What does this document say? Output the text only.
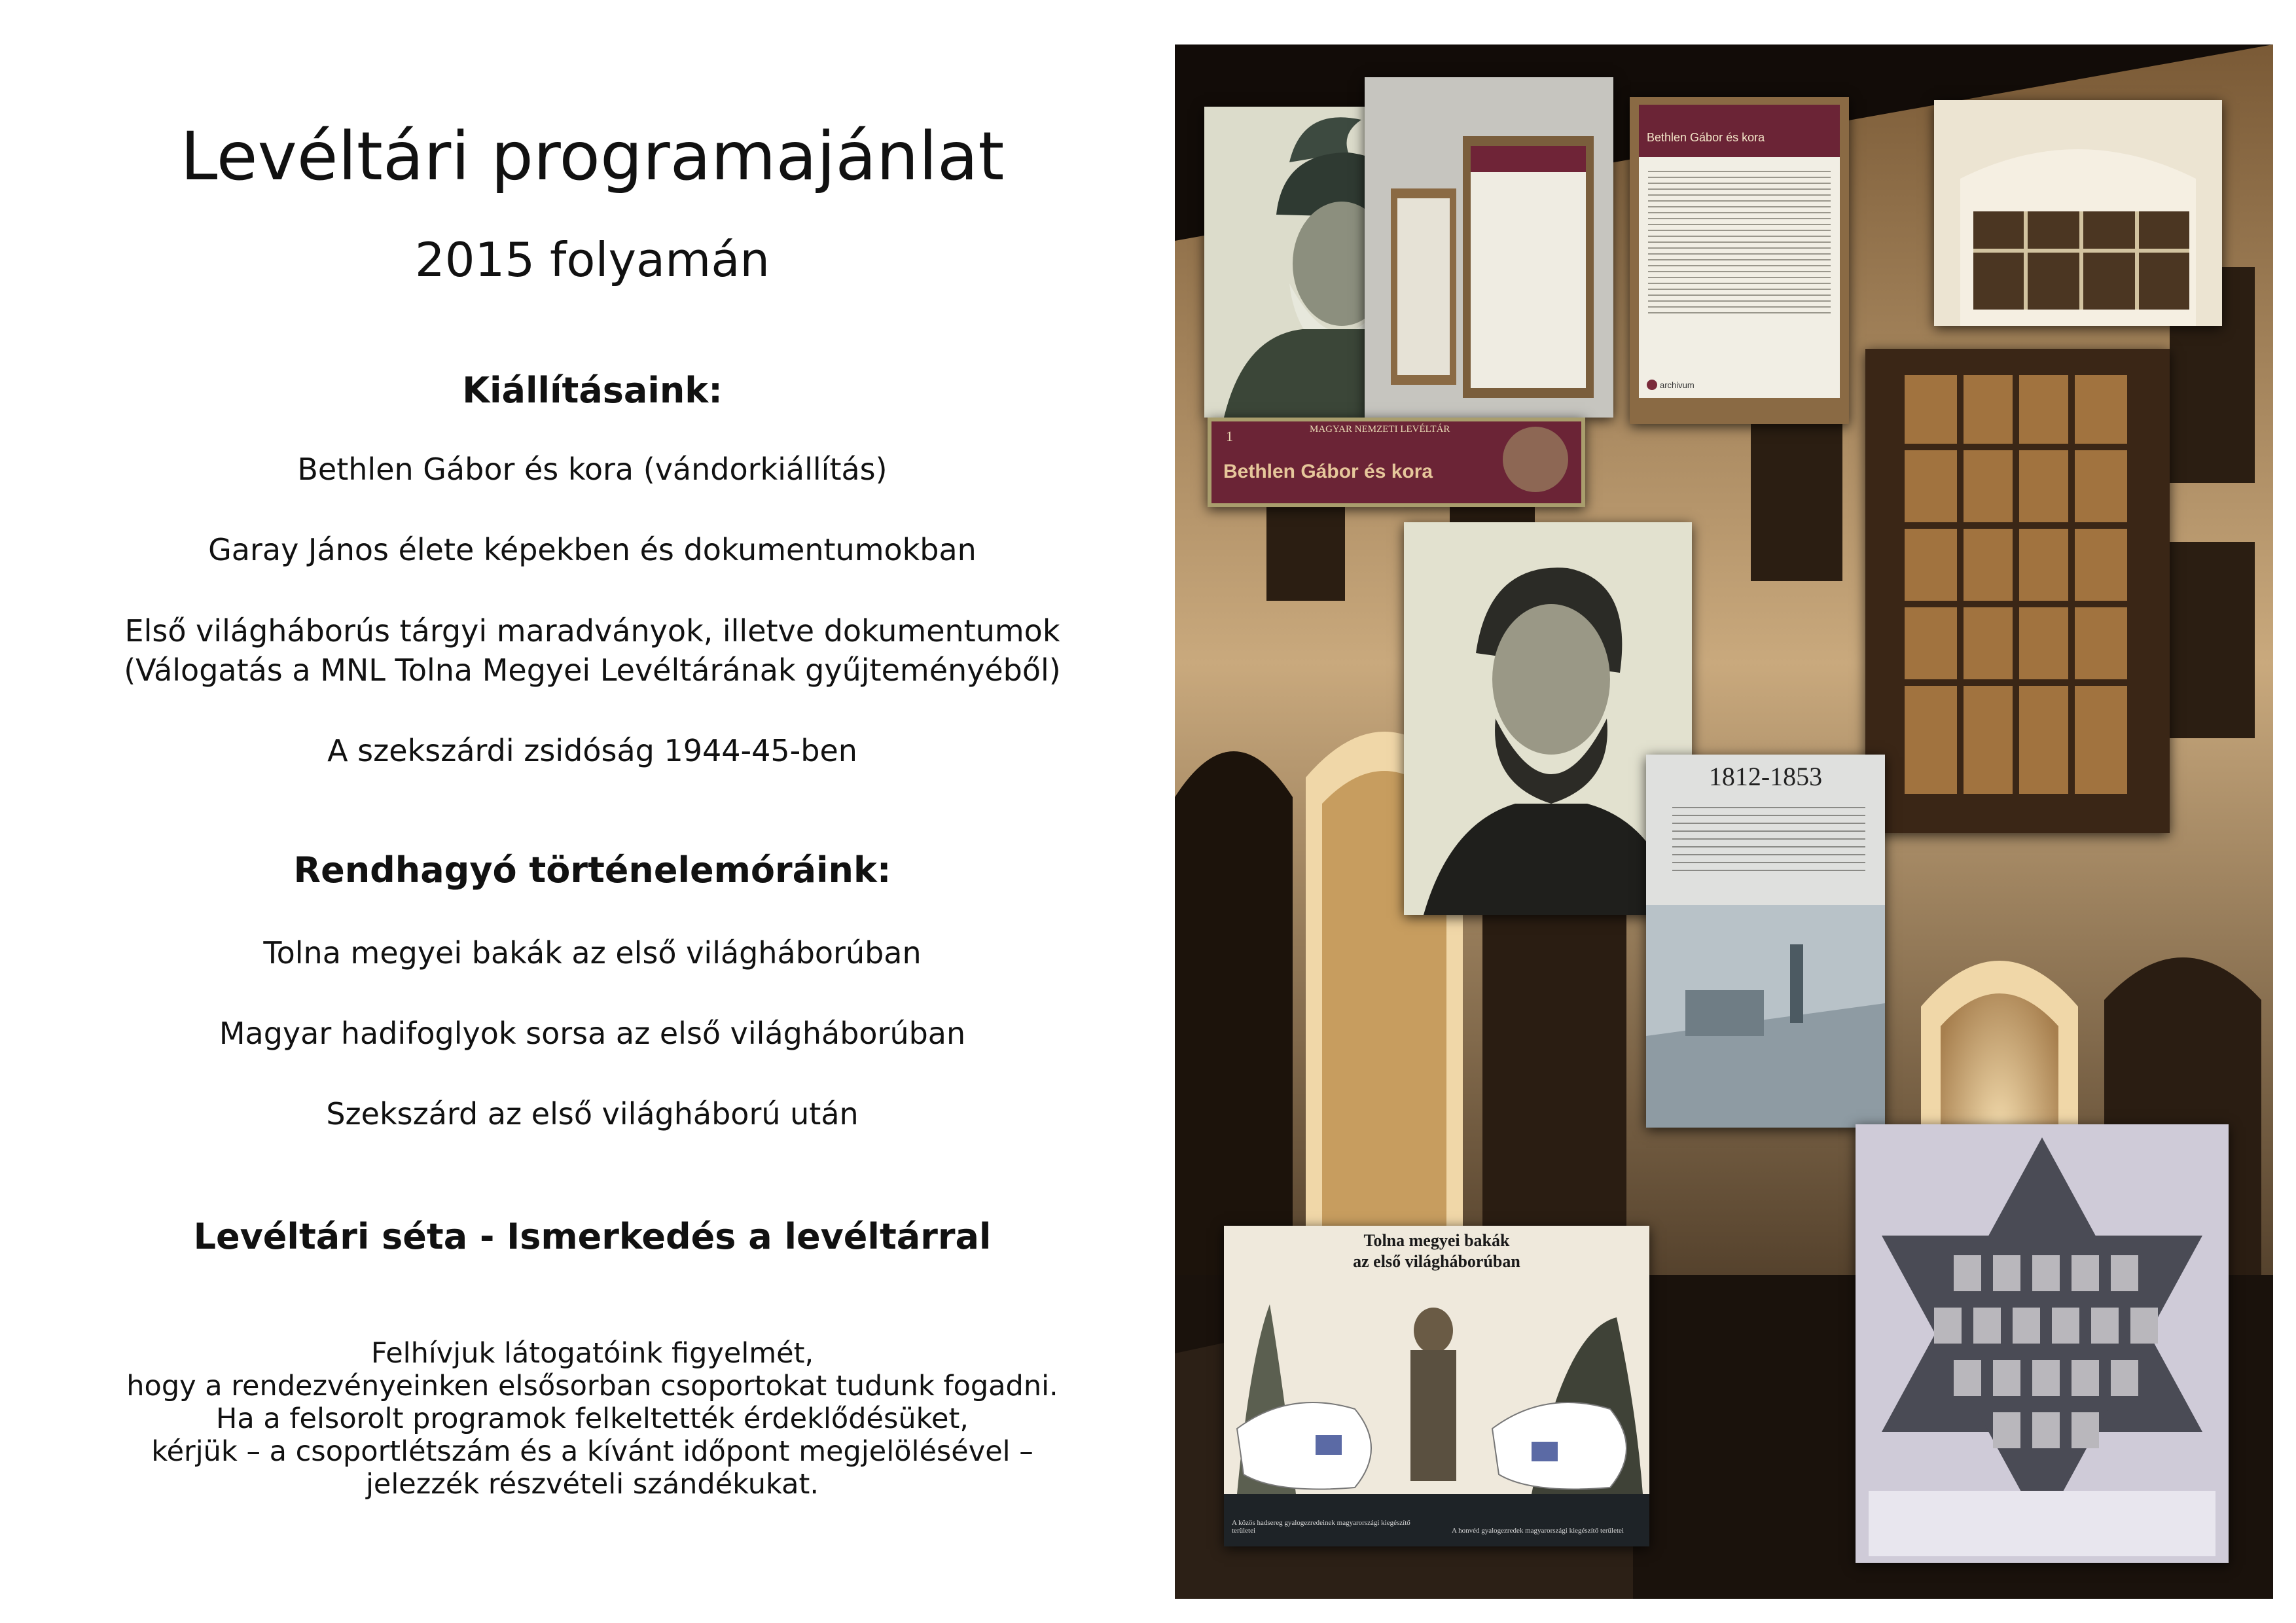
Levéltári programajánlat
2015 folyamán
Kiállításaink:
Bethlen Gábor és kora (vándorkiállítás)
Garay János élete képekben és dokumentumokban
Első világháborús tárgyi maradványok, illetve dokumentumok
(Válogatás a MNL Tolna Megyei Levéltárának gyűjteményéből)
A szekszárdi zsidóság 1944-45-ben
Rendhagyó történelemóráink:
Tolna megyei bakák az első világháborúban
Magyar hadifoglyok sorsa az első világháborúban
Szekszárd az első világháború után
Levéltári séta - Ismerkedés a levéltárral
Felhívjuk látogatóink figyelmét,
hogy a rendezvényeinken elsősorban csoportokat tudunk fogadni.
Ha a felsorolt programok felkeltették érdeklődésüket,
kérjük – a csoportlétszám és a kívánt időpont megjelölésével –
jelezzék részvételi szándékukat.
Bethlen Gábor és kora
archivum
1	MAGYAR NEMZETI LEVÉLTÁR
Bethlen Gábor és kora
1812-1853
Tolna megyei bakák
az első világháborúban
A közös hadsereg gyalogezredeinek magyarországi kiegészítő területei	A honvéd gyalogezredek magyarországi kiegészítő területei
